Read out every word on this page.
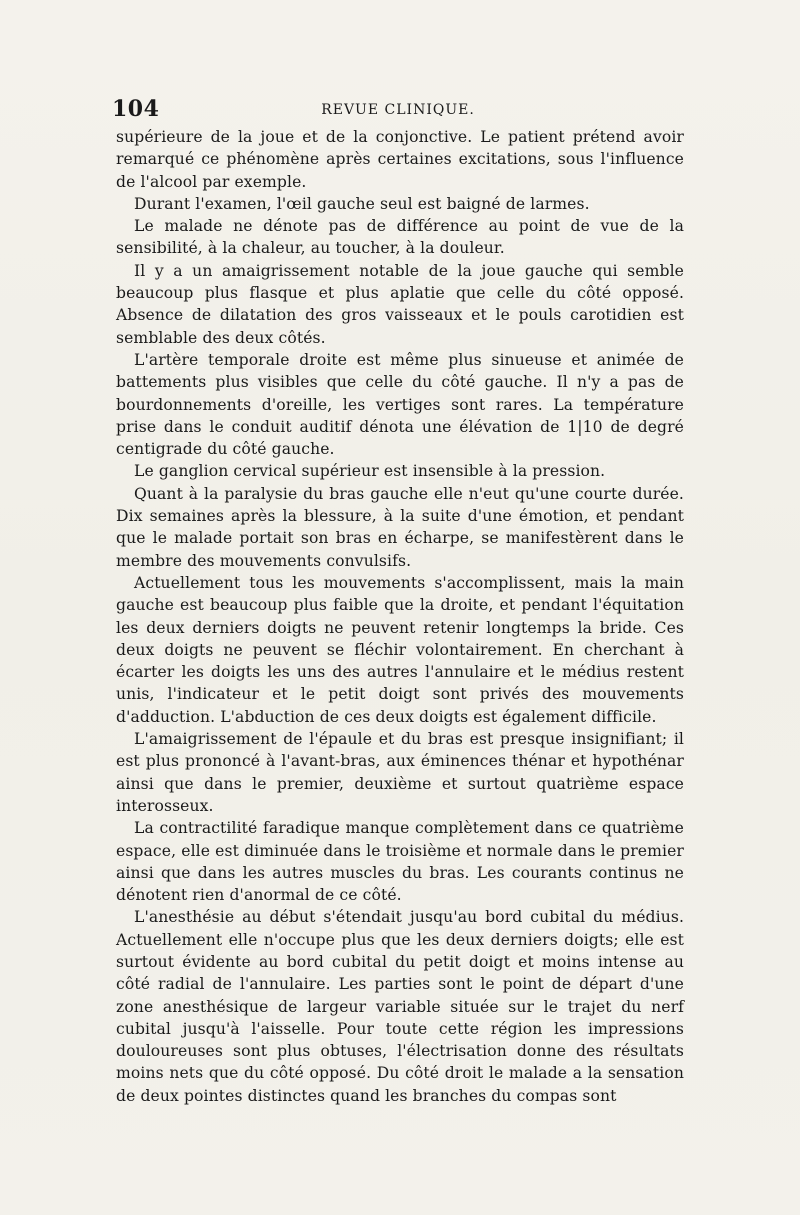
104	REVUE CLINIQUE.

supérieure de la joue et de la conjonctive. Le patient prétend avoir remarqué ce phénomène après certaines excitations, sous l'influence de l'alcool par exemple.

Durant l'examen, l'œil gauche seul est baigné de larmes.

Le malade ne dénote pas de différence au point de vue de la sensibilité, à la chaleur, au toucher, à la douleur.

Il y a un amaigrissement notable de la joue gauche qui semble beaucoup plus flasque et plus aplatie que celle du côté opposé. Absence de dilatation des gros vaisseaux et le pouls carotidien est semblable des deux côtés.

L'artère temporale droite est même plus sinueuse et animée de battements plus visibles que celle du côté gauche. Il n'y a pas de bourdonnements d'oreille, les vertiges sont rares. La température prise dans le conduit auditif dénota une élévation de 1|10 de degré centigrade du côté gauche.

Le ganglion cervical supérieur est insensible à la pression.

Quant à la paralysie du bras gauche elle n'eut qu'une courte durée. Dix semaines après la blessure, à la suite d'une émotion, et pendant que le malade portait son bras en écharpe, se manifestèrent dans le membre des mouvements convulsifs.

Actuellement tous les mouvements s'accomplissent, mais la main gauche est beaucoup plus faible que la droite, et pendant l'équitation les deux derniers doigts ne peuvent retenir longtemps la bride. Ces deux doigts ne peuvent se fléchir volontairement. En cherchant à écarter les doigts les uns des autres l'annulaire et le médius restent unis, l'indicateur et le petit doigt sont privés des mouvements d'adduction. L'abduction de ces deux doigts est également difficile.

L'amaigrissement de l'épaule et du bras est presque insignifiant; il est plus prononcé à l'avant-bras, aux éminences thénar et hypothénar ainsi que dans le premier, deuxième et surtout quatrième espace interosseux.

La contractilité faradique manque complètement dans ce quatrième espace, elle est diminuée dans le troisième et normale dans le premier ainsi que dans les autres muscles du bras. Les courants continus ne dénotent rien d'anormal de ce côté.

L'anesthésie au début s'étendait jusqu'au bord cubital du médius. Actuellement elle n'occupe plus que les deux derniers doigts; elle est surtout évidente au bord cubital du petit doigt et moins intense au côté radial de l'annulaire. Les parties sont le point de départ d'une zone anesthésique de largeur variable située sur le trajet du nerf cubital jusqu'à l'aisselle. Pour toute cette région les impressions douloureuses sont plus obtuses, l'électrisation donne des résultats moins nets que du côté opposé. Du côté droit le malade a la sensation de deux pointes distinctes quand les branches du compas sont
